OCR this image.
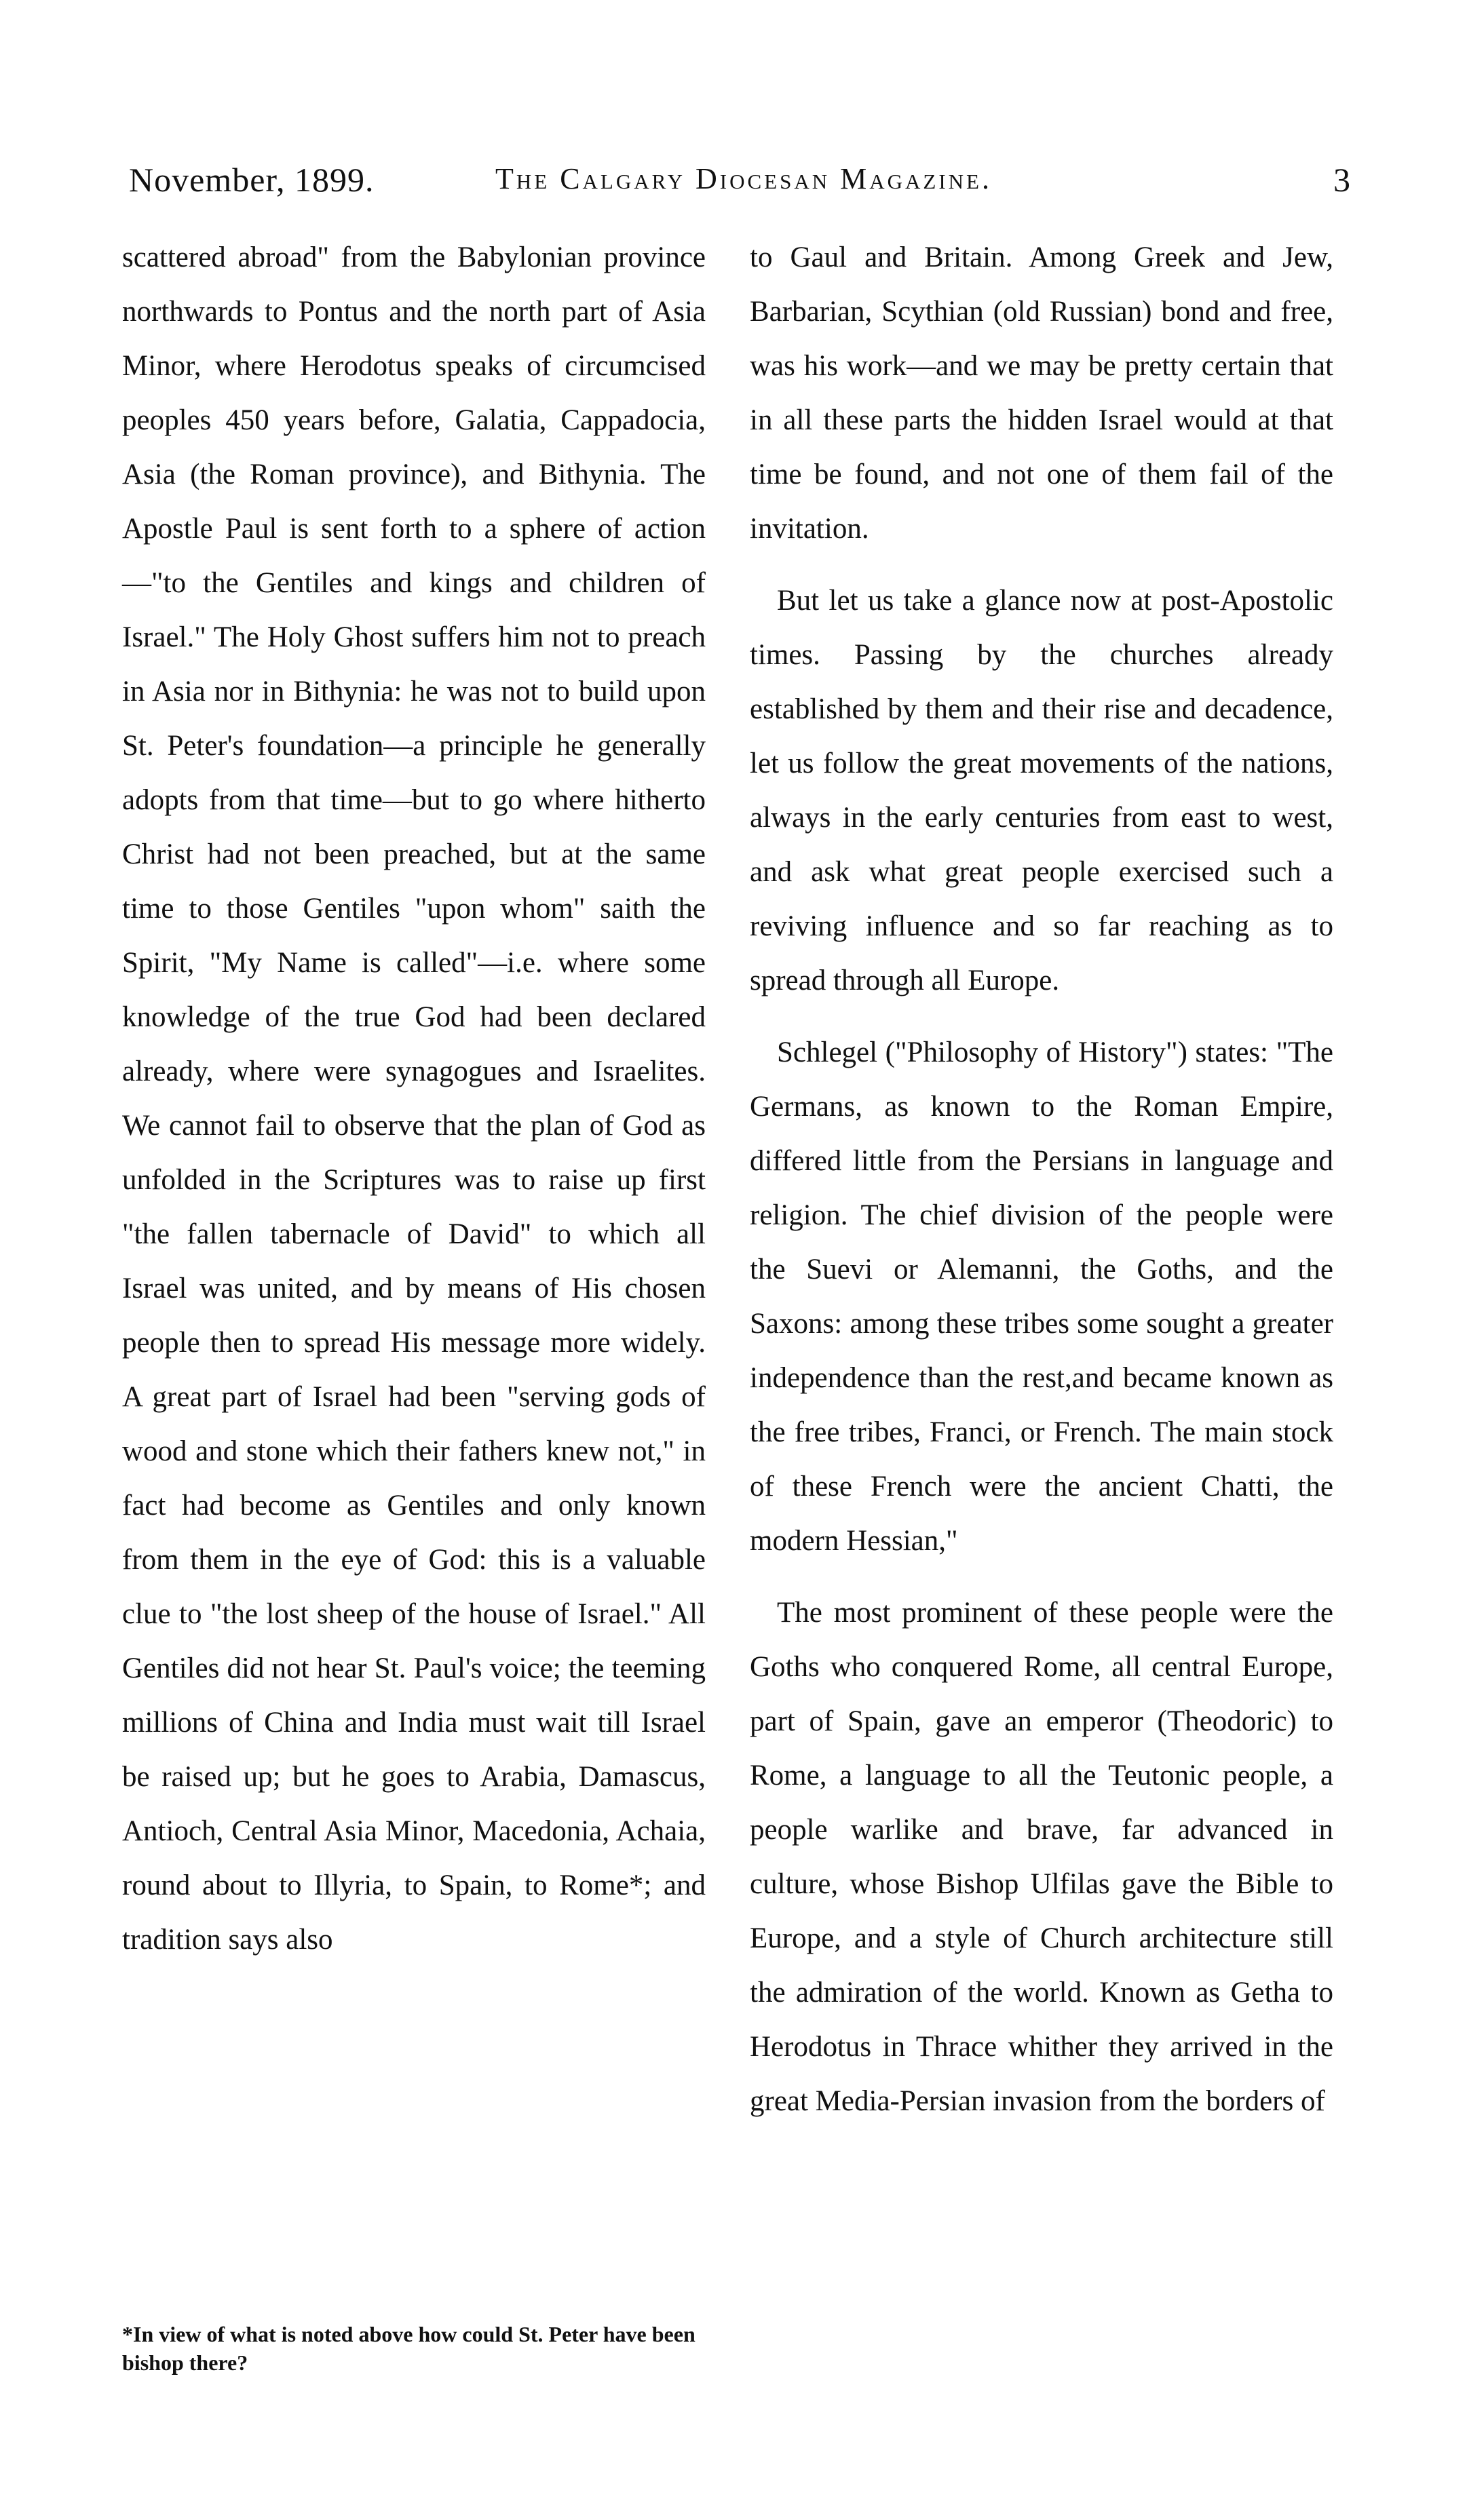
November, 1899.	The Calgary Diocesan Magazine.	3

scattered abroad" from the Babylonian province northwards to Pontus and the north part of Asia Minor, where Herodotus speaks of circumcised peoples 450 years before, Galatia, Cappadocia, Asia (the Roman province), and Bithynia. The Apostle Paul is sent forth to a sphere of action—"to the Gentiles and kings and children of Israel." The Holy Ghost suffers him not to preach in Asia nor in Bithynia: he was not to build upon St. Peter's foundation—a principle he generally adopts from that time—but to go where hitherto Christ had not been preached, but at the same time to those Gentiles "upon whom" saith the Spirit, "My Name is called"—i.e. where some knowledge of the true God had been declared already, where were synagogues and Israelites. We cannot fail to observe that the plan of God as unfolded in the Scriptures was to raise up first "the fallen tabernacle of David" to which all Israel was united, and by means of His chosen people then to spread His message more widely. A great part of Israel had been "serving gods of wood and stone which their fathers knew not," in fact had become as Gentiles and only known from them in the eye of God: this is a valuable clue to "the lost sheep of the house of Israel." All Gentiles did not hear St. Paul's voice; the teeming millions of China and India must wait till Israel be raised up; but he goes to Arabia, Damascus, Antioch, Central Asia Minor, Macedonia, Achaia, round about to Illyria, to Spain, to Rome*; and tradition says also

*In view of what is noted above how could St. Peter have been bishop there?

to Gaul and Britain. Among Greek and Jew, Barbarian, Scythian (old Russian) bond and free, was his work—and we may be pretty certain that in all these parts the hidden Israel would at that time be found, and not one of them fail of the invitation.

But let us take a glance now at post-Apostolic times. Passing by the churches already established by them and their rise and decadence, let us follow the great movements of the nations, always in the early centuries from east to west, and ask what great people exercised such a reviving influence and so far reaching as to spread through all Europe.

Schlegel ("Philosophy of History") states: "The Germans, as known to the Roman Empire, differed little from the Persians in language and religion. The chief division of the people were the Suevi or Alemanni, the Goths, and the Saxons: among these tribes some sought a greater independence than the rest,and became known as the free tribes, Franci, or French. The main stock of these French were the ancient Chatti, the modern Hessian,"

The most prominent of these people were the Goths who conquered Rome, all central Europe, part of Spain, gave an emperor (Theodoric) to Rome, a language to all the Teutonic people, a people warlike and brave, far advanced in culture, whose Bishop Ulfilas gave the Bible to Europe, and a style of Church architecture still the admiration of the world. Known as Getha to Herodotus in Thrace whither they arrived in the great Media-Persian invasion from the borders of
